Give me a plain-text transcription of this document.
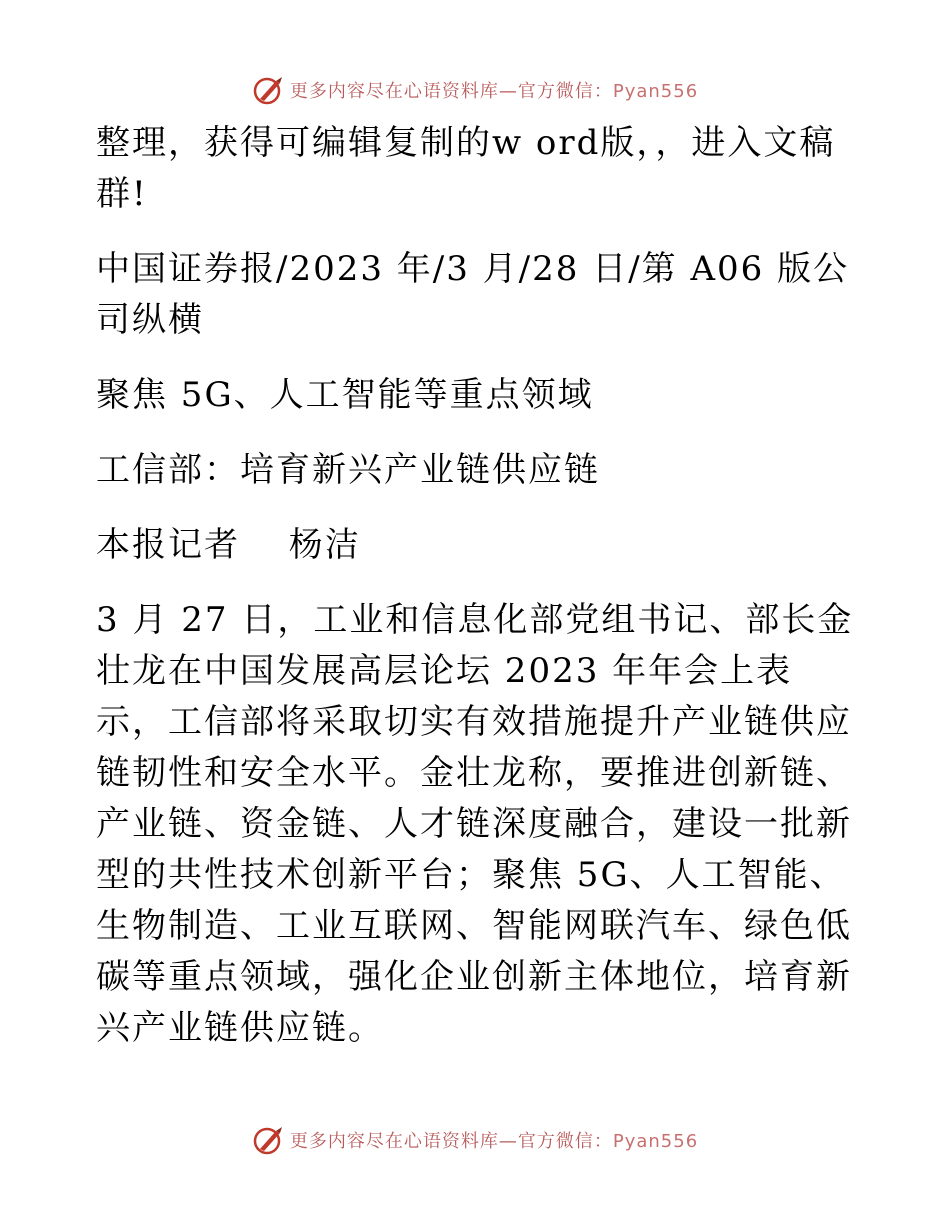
更多内容尽在心语资料库—官方微信：Pyan556

整理，获得可编辑复制的w ord版，，进入文稿群!

中国证券报/2023 年/3 月/28 日/第 A06 版公司纵横

聚焦 5G、人工智能等重点领域

工信部：培育新兴产业链供应链

本报记者　 杨洁

3 月 27 日，工业和信息化部党组书记、部长金壮龙在中国发展高层论坛 2023 年年会上表示，工信部将采取切实有效措施提升产业链供应链韧性和安全水平。金壮龙称，要推进创新链、产业链、资金链、人才链深度融合，建设一批新型的共性技术创新平台；聚焦 5G、人工智能、生物制造、工业互联网、智能网联汽车、绿色低碳等重点领域，强化企业创新主体地位，培育新兴产业链供应链。

更多内容尽在心语资料库—官方微信：Pyan556
